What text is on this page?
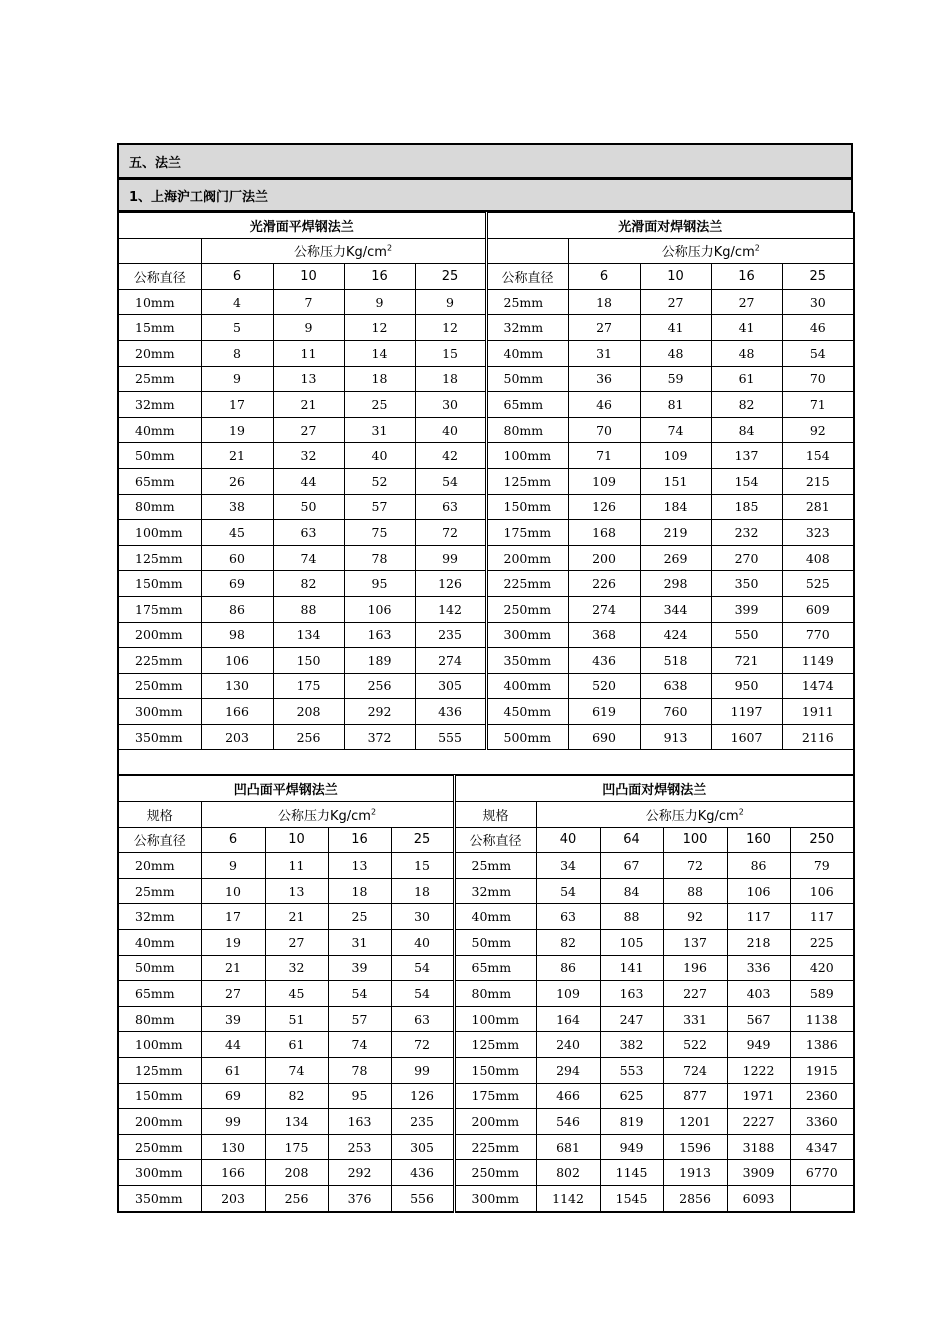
五、法兰
1、上海沪工阀门厂法兰
光滑面平焊钢法兰					光滑面对焊钢法兰				
	公称压力$Kg/cm^2$					公称压力$Kg/cm^2$
公称直径	6	10	16	25	公称直径	6	10	16	25
10mm	4	7	9	9	25mm	18	27	27	30
15mm	5	9	12	12	32mm	27	41	41	46
20mm	8	11	14	15	40mm	31	48	48	54
25mm	9	13	18	18	50mm	36	59	61	70
32mm	17	21	25	30	65mm	46	81	82	71
40mm	19	27	31	40	80mm	70	74	84	92
50mm	21	32	40	42	100mm	71	109	137	154
65mm	26	44	52	54	125mm	109	151	154	215
80mm	38	50	57	63	150mm	126	184	185	281
100mm	45	63	75	72	175mm	168	219	232	323
125mm	60	74	78	99	200mm	200	269	270	408
150mm	69	82	95	126	225mm	226	298	350	525
175mm	86	88	106	142	250mm	274	344	399	609
200mm	98	134	163	235	300mm	368	424	550	770
225mm	106	150	189	274	350mm	436	518	721	1149
250mm	130	175	256	305	400mm	520	638	950	1474
300mm	166	208	292	436	450mm	619	760	1197	1911
350mm	203	256	372	555	500mm	690	913	1607	2116

凹凸面平焊钢法兰					凹凸面对焊钢法兰					
规格	公称压力$Kg/cm^2$				规格	公称压力$Kg/cm^2$
公称直径	6	10	16	25	公称直径	40	64	100	160	250
20mm	9	11	13	15	25mm	34	67	72	86	79
25mm	10	13	18	18	32mm	54	84	88	106	106
32mm	17	21	25	30	40mm	63	88	92	117	117
40mm	19	27	31	40	50mm	82	105	137	218	225
50mm	21	32	39	54	65mm	86	141	196	336	420
65mm	27	45	54	54	80mm	109	163	227	403	589
80mm	39	51	57	63	100mm	164	247	331	567	1138
100mm	44	61	74	72	125mm	240	382	522	949	1386
125mm	61	74	78	99	150mm	294	553	724	1222	1915
150mm	69	82	95	126	175mm	466	625	877	1971	2360
200mm	99	134	163	235	200mm	546	819	1201	2227	3360
250mm	130	175	253	305	225mm	681	949	1596	3188	4347
300mm	166	208	292	436	250mm	802	1145	1913	3909	6770
350mm	203	256	376	556	300mm	1142	1545	2856	6093	
